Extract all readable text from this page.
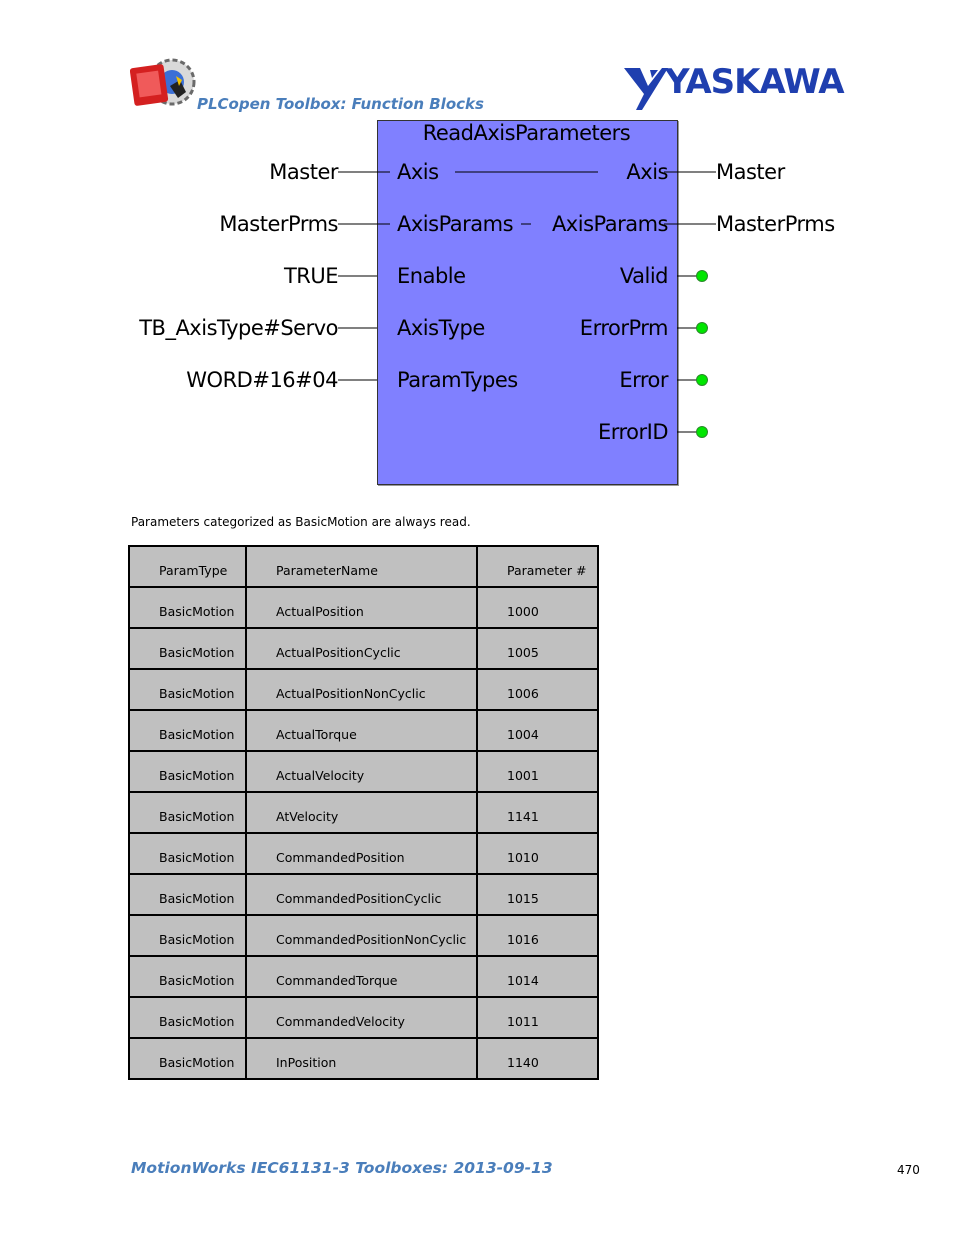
PLCopen Toolbox: Function Blocks
YASKAWA
ReadAxisParameters
Master
MasterPrms
TRUE
TB_AxisType#Servo
WORD#16#04
Axis
AxisParams
Enable
AxisType
ParamTypes
Axis
AxisParams
Valid
ErrorPrm
Error
ErrorID
Master
MasterPrms
Parameters categorized as BasicMotion are always read.
ParamType	ParameterName	Parameter #
BasicMotion	ActualPosition	1000
BasicMotion	ActualPositionCyclic	1005
BasicMotion	ActualPositionNonCyclic	1006
BasicMotion	ActualTorque	1004
BasicMotion	ActualVelocity	1001
BasicMotion	AtVelocity	1141
BasicMotion	CommandedPosition	1010
BasicMotion	CommandedPositionCyclic	1015
BasicMotion	CommandedPositionNonCyclic	1016
BasicMotion	CommandedTorque	1014
BasicMotion	CommandedVelocity	1011
BasicMotion	InPosition	1140
MotionWorks IEC61131-3 Toolboxes: 2013-09-13	470
